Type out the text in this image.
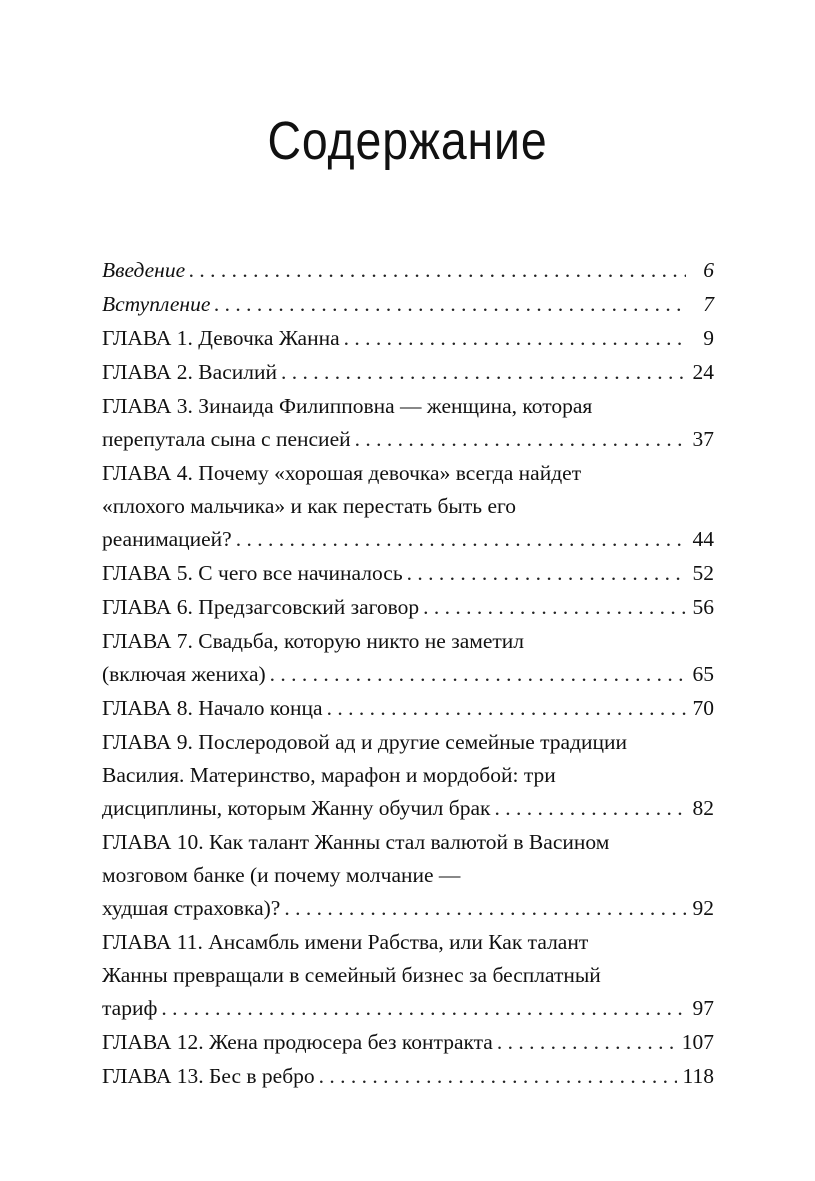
Содержание
Введение . . .	6
Вступление . . .	7
ГЛАВА 1. Девочка Жанна . . .	9
ГЛАВА 2. Василий . . .	24
ГЛАВА 3. Зинаида Филипповна — женщина, которая
перепутала сына с пенсией . . .	37
ГЛАВА 4. Почему «хорошая девочка» всегда найдет
«плохого мальчика» и как перестать быть его
реанимацией? . . .	44
ГЛАВА 5. С чего все начиналось . . .	52
ГЛАВА 6. Предзагсовский заговор . . .	56
ГЛАВА 7. Свадьба, которую никто не заметил
(включая жениха) . . .	65
ГЛАВА 8. Начало конца . . .	70
ГЛАВА 9. Послеродовой ад и другие семейные традиции
Василия. Материнство, марафон и мордобой: три
дисциплины, которым Жанну обучил брак . . .	82
ГЛАВА 10. Как талант Жанны стал валютой в Васином
мозговом банке (и почему молчание —
худшая страховка)? . . .	92
ГЛАВА 11. Ансамбль имени Рабства, или Как талант
Жанны превращали в семейный бизнес за бесплатный
тариф . . .	97
ГЛАВА 12. Жена продюсера без контракта . . .	107
ГЛАВА 13. Бес в ребро . . .	118
